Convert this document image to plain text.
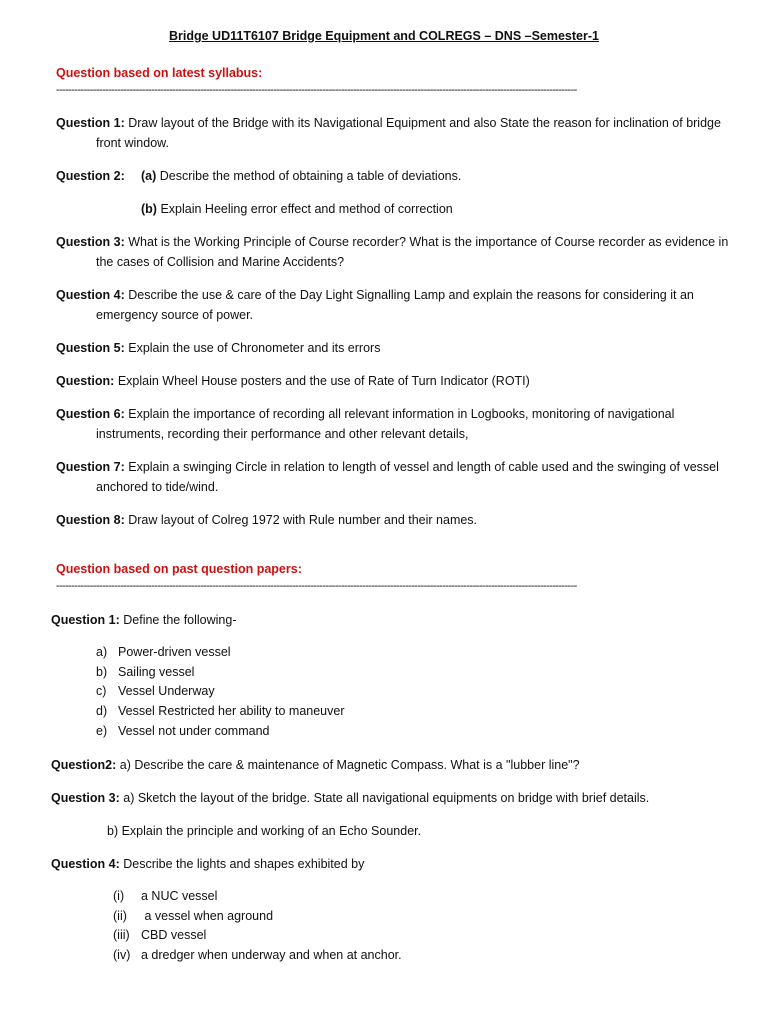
Bridge UD11T6107 Bridge Equipment and COLREGS – DNS –Semester-1
Question based on latest syllabus:
--------------------------------------------------------------------------------------------------------------------------------------------------------------------------
Question 1: Draw layout of the Bridge with its Navigational Equipment and also State the reason for inclination of bridge
front window.
Question 2:	(a) Describe the method of obtaining a table of deviations.
(b) Explain Heeling error effect and method of correction
Question 3: What is the Working Principle of Course recorder? What is the importance of Course recorder as evidence in
the cases of Collision and Marine Accidents?
Question 4: Describe the use & care of the Day Light Signalling Lamp and explain the reasons for considering it an
emergency source of power.
Question 5: Explain the use of Chronometer and its errors
Question: Explain Wheel House posters and the use of Rate of Turn Indicator (ROTI)
Question 6: Explain the importance of recording all relevant information in Logbooks, monitoring of navigational
instruments, recording their performance and other relevant details,
Question 7: Explain a swinging Circle in relation to length of vessel and length of cable used and the swinging of vessel
anchored to tide/wind.
Question 8: Draw layout of Colreg 1972 with Rule number and their names.
Question based on past question papers:
--------------------------------------------------------------------------------------------------------------------------------------------------------------------------
Question 1: Define the following-
a) Power-driven vessel
b) Sailing vessel
c) Vessel Underway
d) Vessel Restricted her ability to maneuver
e) Vessel not under command
Question2: a) Describe the care & maintenance of Magnetic Compass. What is a "lubber line"?
Question 3: a) Sketch the layout of the bridge. State all navigational equipments on bridge with brief details.
b) Explain the principle and working of an Echo Sounder.
Question 4: Describe the lights and shapes exhibited by
(i) a NUC vessel
(ii) a vessel when aground
(iii) CBD vessel
(iv) a dredger when underway and when at anchor.
